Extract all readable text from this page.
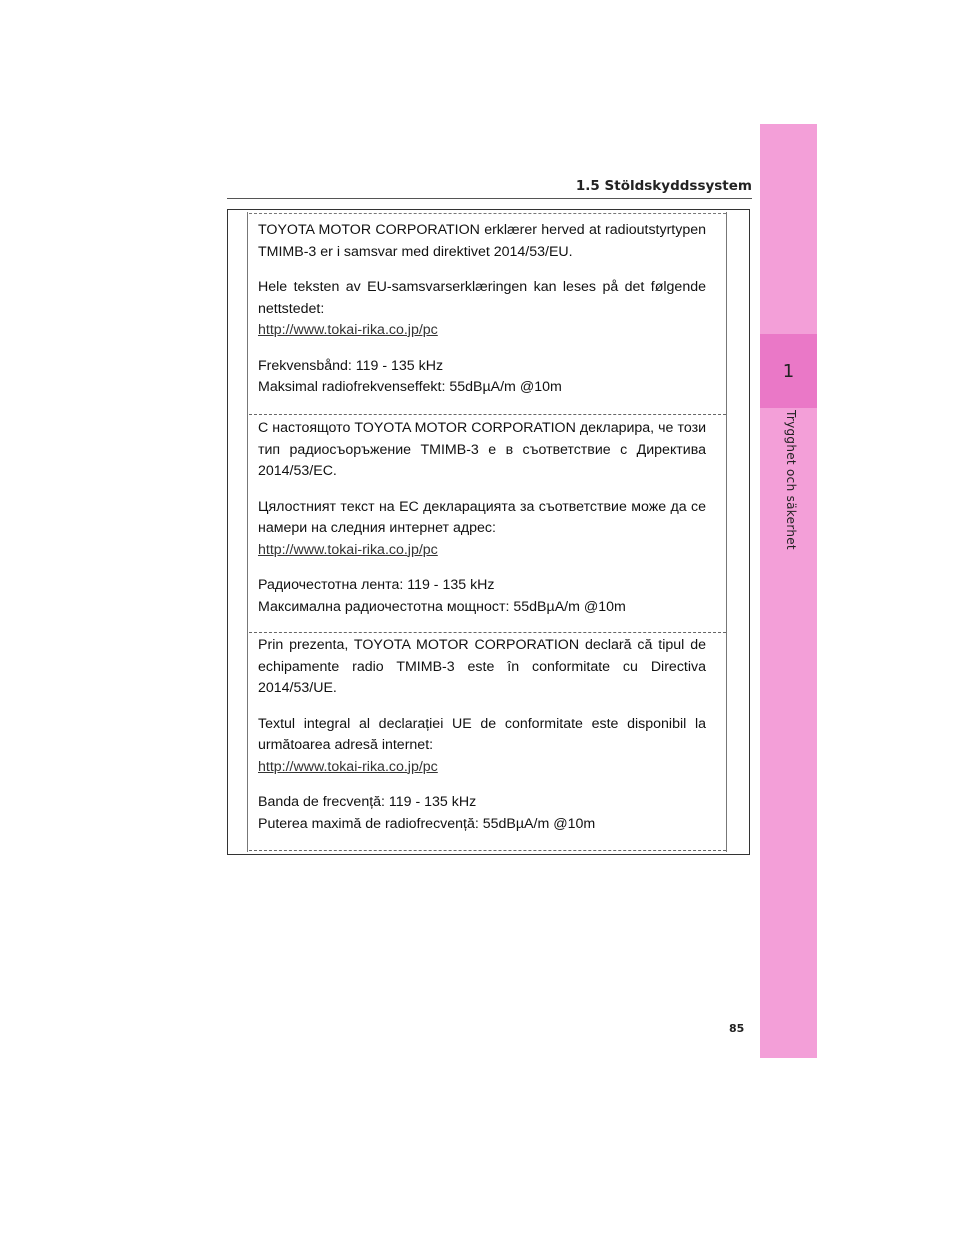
1
Trygghet och säkerhet
1.5 Stöldskyddssystem

TOYOTA MOTOR CORPORATION erklærer herved at radioutstyrtypen TMIMB-3 er i samsvar med direktivet 2014/53/EU.

Hele teksten av EU-samsvarserklæringen kan leses på det følgende nettstedet:

http://www.tokai-rika.co.jp/pc

Frekvensbånd: 119 - 135 kHz

Maksimal radiofrekvenseffekt: 55dBµA/m @10m

С настоящото TOYOTA MOTOR CORPORATION декларира, че този тип радиосъоръжение TMIMB-3 е в съответствие с Директива 2014/53/ЕС.

Цялостният текст на ЕС декларацията за съответствие може да се намери на следния интернет адрес:

http://www.tokai-rika.co.jp/pc

Радиочестотна лента: 119 - 135 kHz

Максимална радиочестотна мощност: 55dBµA/m @10m

Prin prezenta, TOYOTA MOTOR CORPORATION declară că tipul de echipamente radio TMIMB-3 este în conformitate cu Directiva 2014/53/UE.

Textul integral al declarației UE de conformitate este disponibil la următoarea adresă internet:

http://www.tokai-rika.co.jp/pc

Banda de frecvență: 119 - 135 kHz

Puterea maximă de radiofrecvență: 55dBµA/m @10m

85
